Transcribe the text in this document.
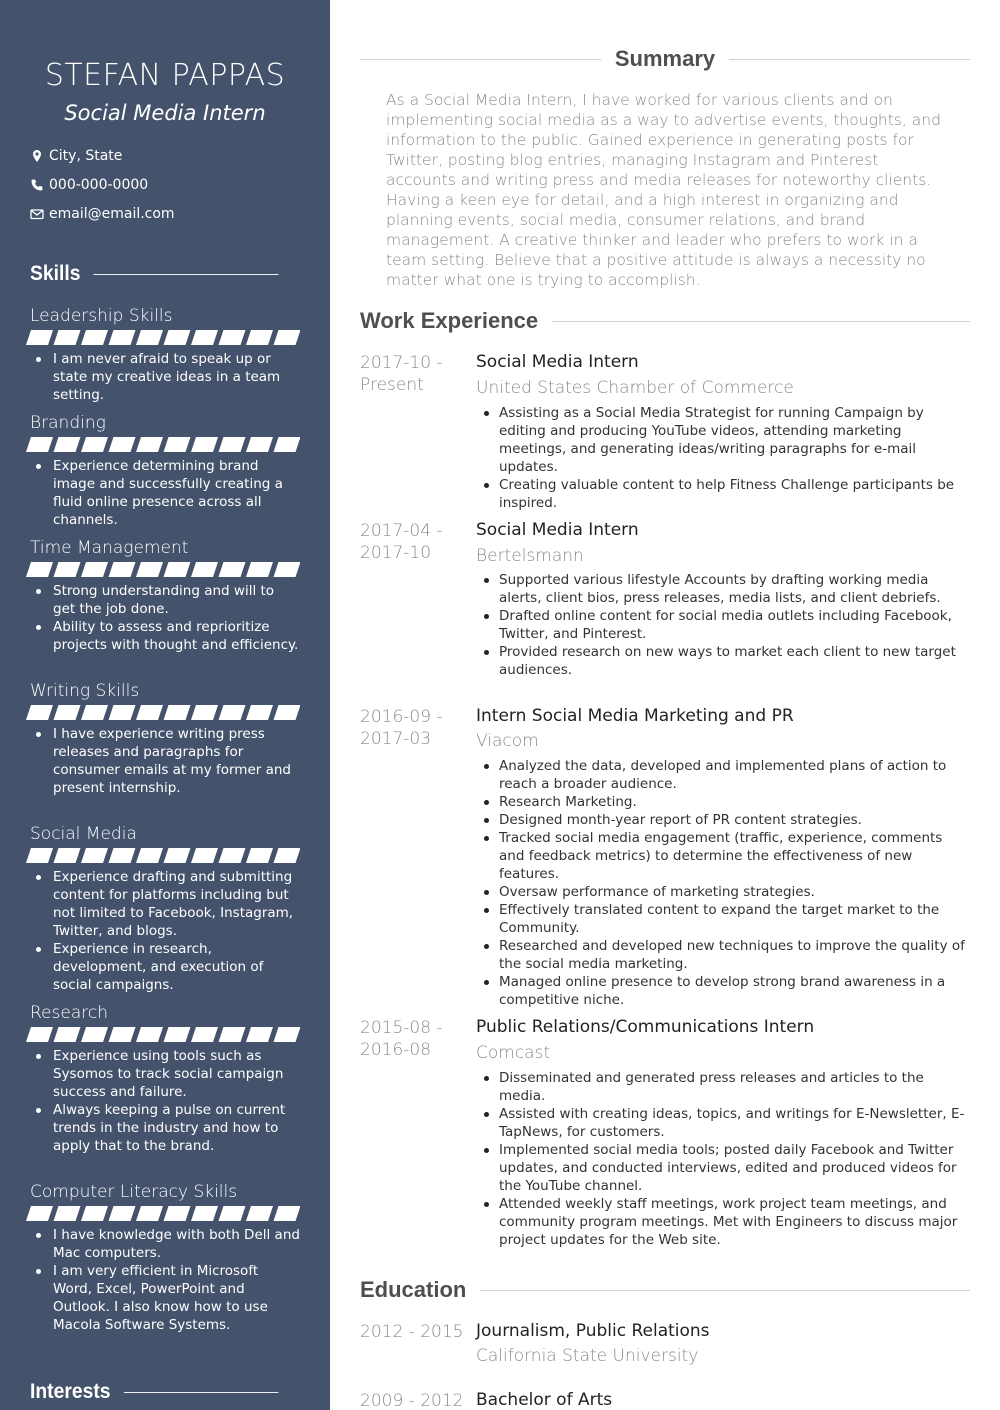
STEFAN PAPPAS
Social Media Intern
City, State
000-000-0000
email@email.com
Skills
Leadership Skills
I am never afraid to speak up or state my creative ideas in a team setting.
Branding
Experience determining brand image and successfully creating a fluid online presence across all channels.
Time Management
Strong understanding and will to get the job done.
Ability to assess and reprioritize projects with thought and efficiency.
Writing Skills
I have experience writing press releases and paragraphs for consumer emails at my former and present internship.
Social Media
Experience drafting and submitting content for platforms including but not limited to Facebook, Instagram, Twitter, and blogs.
Experience in research, development, and execution of social campaigns.
Research
Experience using tools such as Sysomos to track social campaign success and failure.
Always keeping a pulse on current trends in the industry and how to apply that to the brand.
Computer Literacy Skills
I have knowledge with both Dell and Mac computers.
I am very efficient in Microsoft Word, Excel, PowerPoint and Outlook. I also know how to use Macola Software Systems.
Interests
Summary

As a Social Media Intern, I have worked for various clients and on implementing social media as a way to advertise events, thoughts, and information to the public. Gained experience in generating posts for Twitter, posting blog entries, managing Instagram and Pinterest accounts and writing press and media releases for noteworthy clients. Having a keen eye for detail, and a high interest in organizing and planning events, social media, consumer relations, and brand management. A creative thinker and leader who prefers to work in a team setting. Believe that a positive attitude is always a necessity no matter what one is trying to accomplish.

Work Experience
2017-10 -
Present
Social Media Intern
United States Chamber of Commerce
Assisting as a Social Media Strategist for running Campaign by editing and producing YouTube videos, attending marketing meetings, and generating ideas/writing paragraphs for e-mail updates.
Creating valuable content to help Fitness Challenge participants be inspired.
2017-04 -
2017-10
Social Media Intern
Bertelsmann
Supported various lifestyle Accounts by drafting working media alerts, client bios, press releases, media lists, and client debriefs.
Drafted online content for social media outlets including Facebook, Twitter, and Pinterest.
Provided research on new ways to market each client to new target audiences.
2016-09 -
2017-03
Intern Social Media Marketing and PR
Viacom
Analyzed the data, developed and implemented plans of action to reach a broader audience.
Research Marketing.
Designed month-year report of PR content strategies.
Tracked social media engagement (traffic, experience, comments and feedback metrics) to determine the effectiveness of new features.
Oversaw performance of marketing strategies.
Effectively translated content to expand the target market to the Community.
Researched and developed new techniques to improve the quality of the social media marketing.
Managed online presence to develop strong brand awareness in a competitive niche.
2015-08 -
2016-08
Public Relations/Communications Intern
Comcast
Disseminated and generated press releases and articles to the media.
Assisted with creating ideas, topics, and writings for E-Newsletter, E-TapNews, for customers.
Implemented social media tools; posted daily Facebook and Twitter updates, and conducted interviews, edited and produced videos for the YouTube channel.
Attended weekly staff meetings, work project team meetings, and community program meetings. Met with Engineers to discuss major project updates for the Web site.
Education
2012 - 2015 Journalism, Public Relations
California State University
2009 - 2012 Bachelor of Arts
